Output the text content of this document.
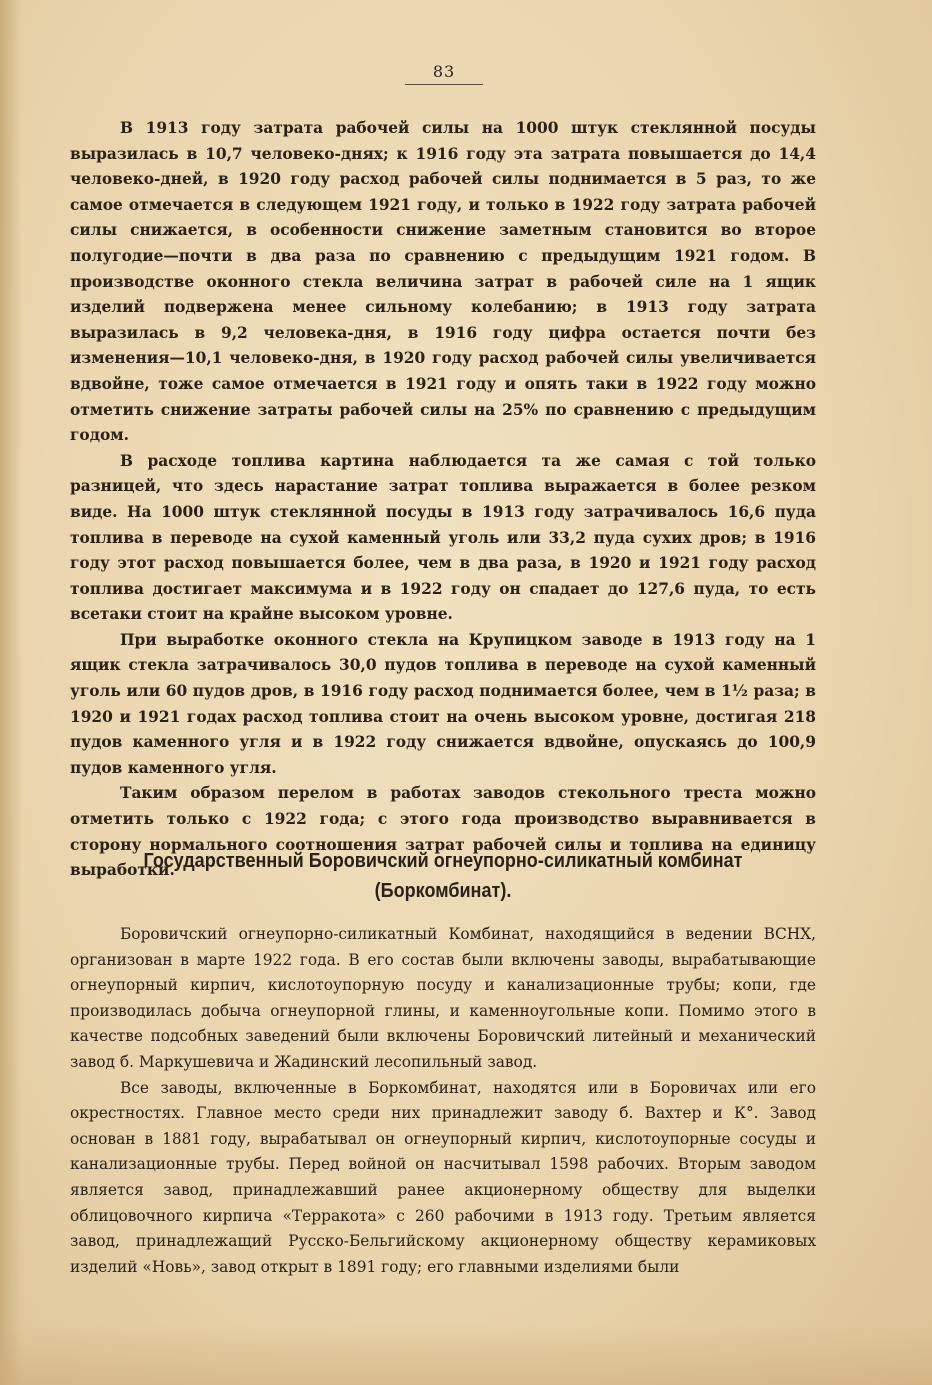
83

В 1913 году затрата рабочей силы на 1000 штук стеклянной посуды выразилась в 10,7 человеко-днях; к 1916 году эта затрата повышается до 14,4 человеко-дней, в 1920 году расход рабочей силы поднимается в 5 раз, то же самое отмечается в следующем 1921 году, и только в 1922 году затрата рабочей силы снижается, в особенности снижение заметным становится во второе полугодие—почти в два раза по сравнению с предыдущим 1921 годом. В производстве оконного стекла величина затрат в рабочей силе на 1 ящик изделий подвержена менее сильному колебанию; в 1913 году затрата выразилась в 9,2 человека-дня, в 1916 году цифра остается почти без изменения—10,1 человеко-дня, в 1920 году расход рабочей силы увеличивается вдвойне, тоже самое отмечается в 1921 году и опять таки в 1922 году можно отметить снижение затраты рабочей силы на 25% по сравнению с предыдущим годом.

В расходе топлива картина наблюдается та же самая с той только разницей, что здесь нарастание затрат топлива выражается в более резком виде. На 1000 штук стеклянной посуды в 1913 году затрачивалось 16,6 пуда топлива в переводе на сухой каменный уголь или 33,2 пуда сухих дров; в 1916 году этот расход повышается более, чем в два раза, в 1920 и 1921 году расход топлива достигает максимума и в 1922 году он спадает до 127,6 пуда, то есть всетаки стоит на крайне высоком уровне.

При выработке оконного стекла на Крупицком заводе в 1913 году на 1 ящик стекла затрачивалось 30,0 пудов топлива в переводе на сухой каменный уголь или 60 пудов дров, в 1916 году расход поднимается более, чем в 1½ раза; в 1920 и 1921 годах расход топлива стоит на очень высоком уровне, достигая 218 пудов каменного угля и в 1922 году снижается вдвойне, опускаясь до 100,9 пудов каменного угля.

Таким образом перелом в работах заводов стекольного треста можно отметить только с 1922 года; с этого года производство выравнивается в сторону нормального соотношения затрат рабочей силы и топлива на единицу выработки.

Государственный Боровичский огнеупорно-силикатный комбинат
(Боркомбинат).

Боровичский огнеупорно-силикатный Комбинат, находящийся в ведении ВСНХ, организован в марте 1922 года. В его состав были включены заводы, вырабатывающие огнеупорный кирпич, кислотоупорную посуду и канализационные трубы; копи, где производилась добыча огнеупорной глины, и каменноугольные копи. Помимо этого в качестве подсобных заведений были включены Боровичский литейный и механический завод б. Маркушевича и Жадинский лесопильный завод.

Все заводы, включенные в Боркомбинат, находятся или в Боровичах или его окрестностях. Главное место среди них принадлежит заводу б. Вахтер и К°. Завод основан в 1881 году, вырабатывал он огнеупорный кирпич, кислотоупорные сосуды и канализационные трубы. Перед войной он насчитывал 1598 рабочих. Вторым заводом является завод, принадлежавший ранее акционерному обществу для выделки облицовочного кирпича «Терракота» с 260 рабочими в 1913 году. Третьим является завод, принадлежащий Русско-Бельгийскому акционерному обществу керамиковых изделий «Новь», завод открыт в 1891 году; его главными изделиями были
